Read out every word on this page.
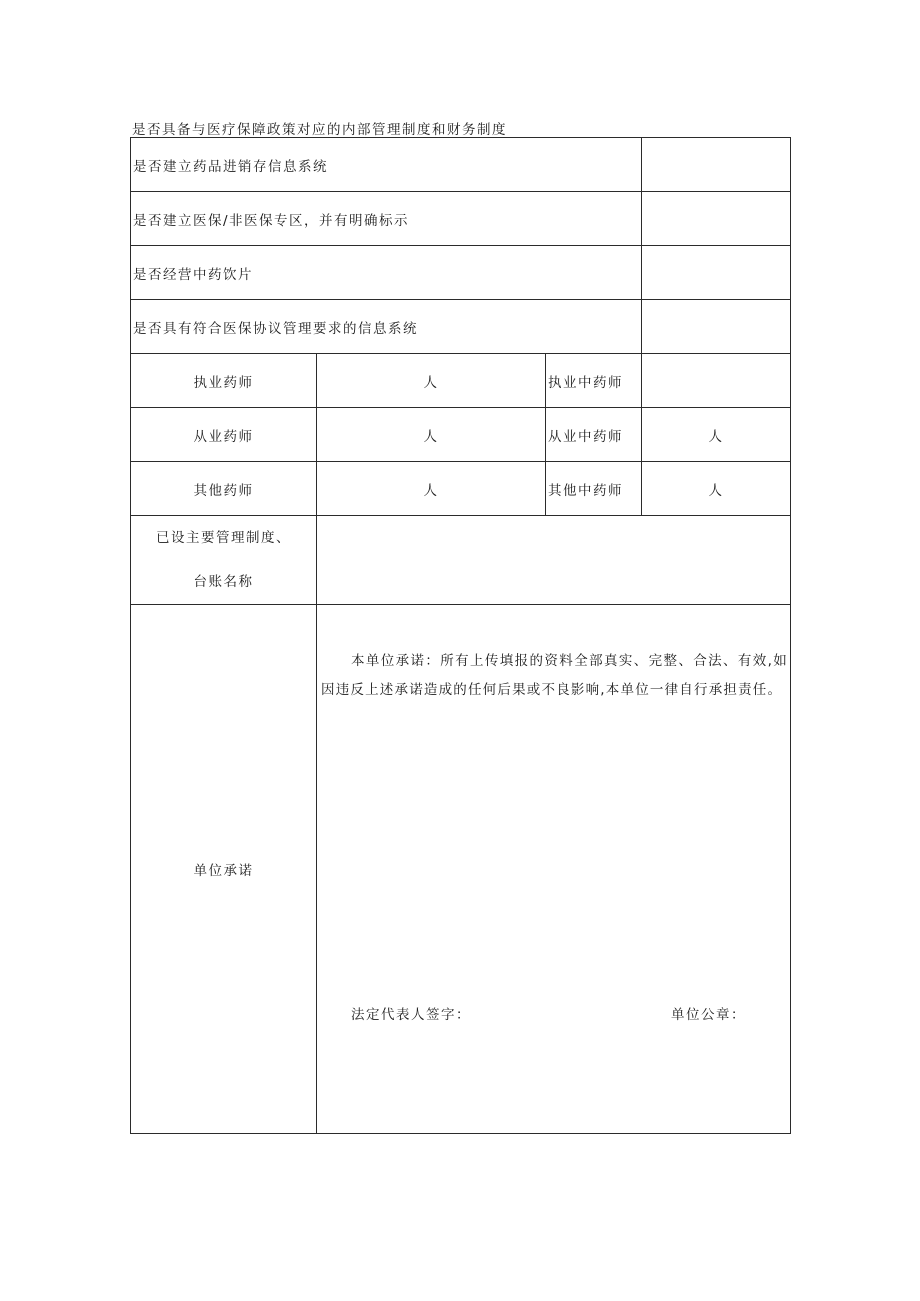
是否具备与医疗保障政策对应的内部管理制度和财务制度
是否建立药品进销存信息系统			
是否建立医保/非医保专区，并有明确标示			
是否经营中药饮片			
是否具有符合医保协议管理要求的信息系统			
执业药师	人	执业中药师	
从业药师	人	从业中药师	人
其他药师	人	其他中药师	人

已设主要管理制度、
台账名称			

单位承诺	本单位承诺：所有上传填报的资料全部真实、完整、合法、有效,如因违反上述承诺造成的任何后果或不良影响,本单位一律自行承担责任。
法定代表人签字： 单位公章：		
